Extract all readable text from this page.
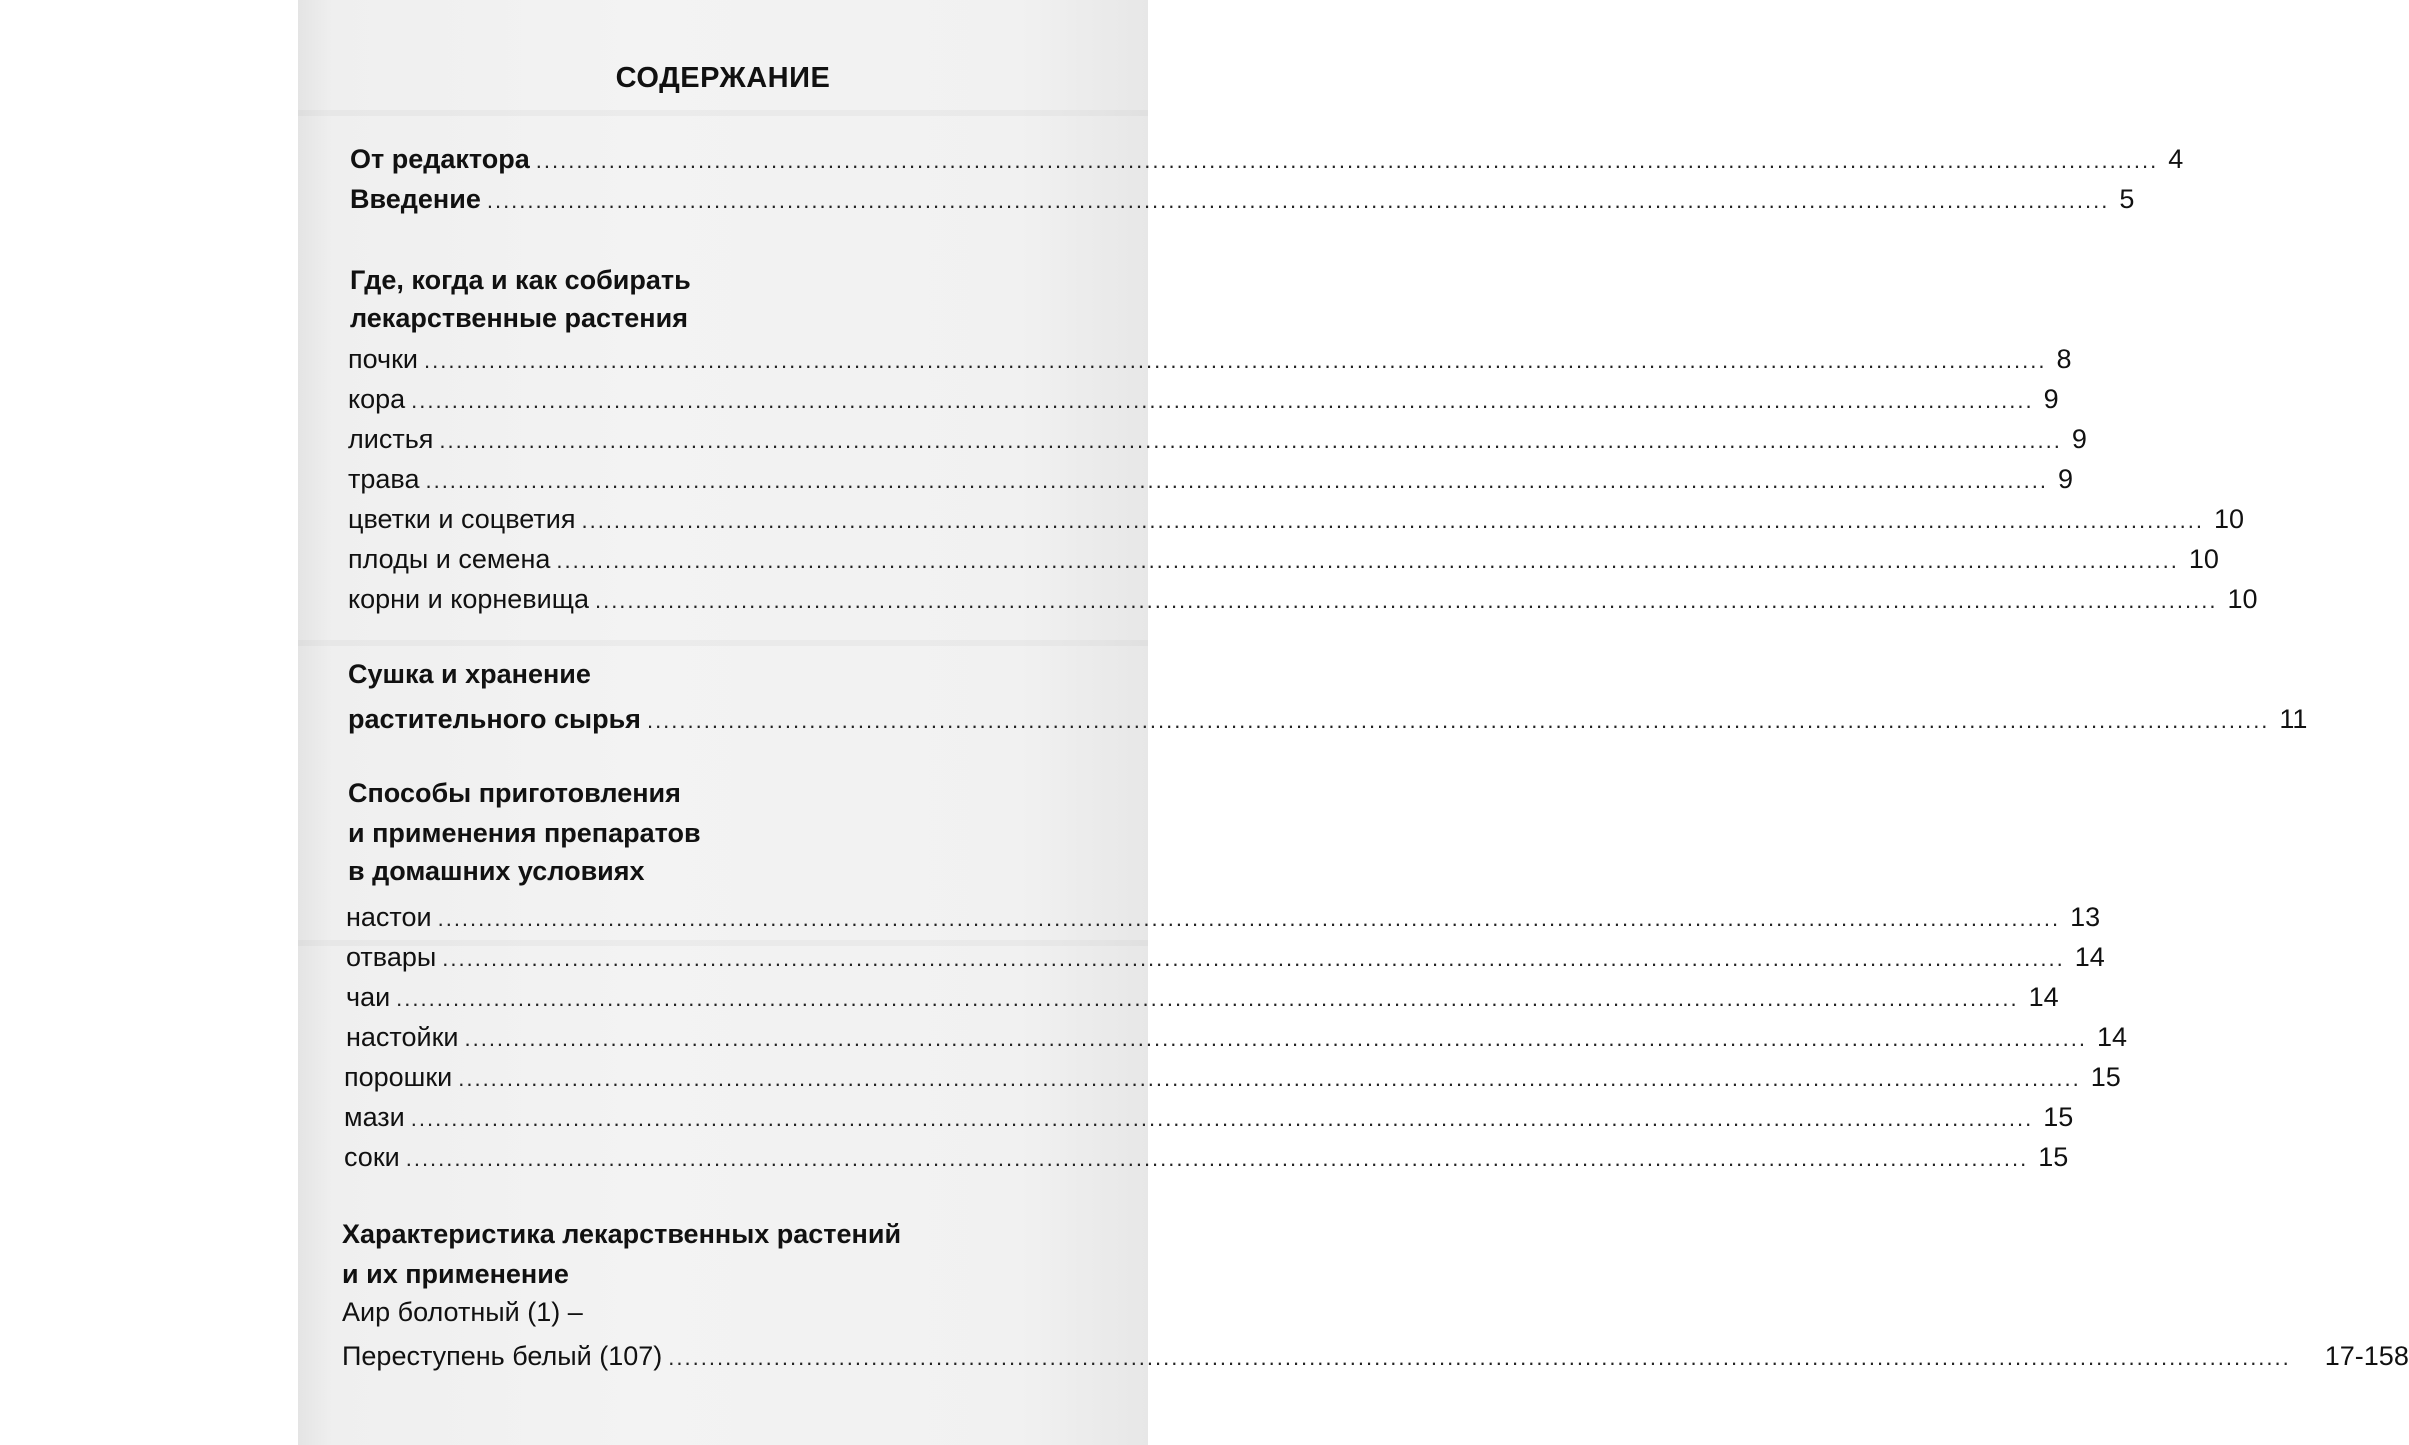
СОДЕРЖАНИЕ
От редактора ........................................................................................................................................................................................................ 4
Введение ........................................................................................................................................................................................................ 5
Где, когда и как собирать
лекарственные растения
почки ........................................................................................................................................................................................................ 8
кора ........................................................................................................................................................................................................ 9
листья ........................................................................................................................................................................................................ 9
трава ........................................................................................................................................................................................................ 9
цветки и соцветия ........................................................................................................................................................................................................ 10
плоды и семена ........................................................................................................................................................................................................ 10
корни и корневища ........................................................................................................................................................................................................ 10
Сушка и хранение
растительного сырья ........................................................................................................................................................................................................ 11
Способы приготовления
и применения препаратов
в домашних условиях
настои ........................................................................................................................................................................................................ 13
отвары ........................................................................................................................................................................................................ 14
чаи ........................................................................................................................................................................................................ 14
настойки ........................................................................................................................................................................................................ 14
порошки ........................................................................................................................................................................................................ 15
мази ........................................................................................................................................................................................................ 15
соки ........................................................................................................................................................................................................ 15
Характеристика лекарственных растений
и их применение
Аир болотный (1) –
Переступень белый (107) ........................................................................................................................................................................................................ 17-158
